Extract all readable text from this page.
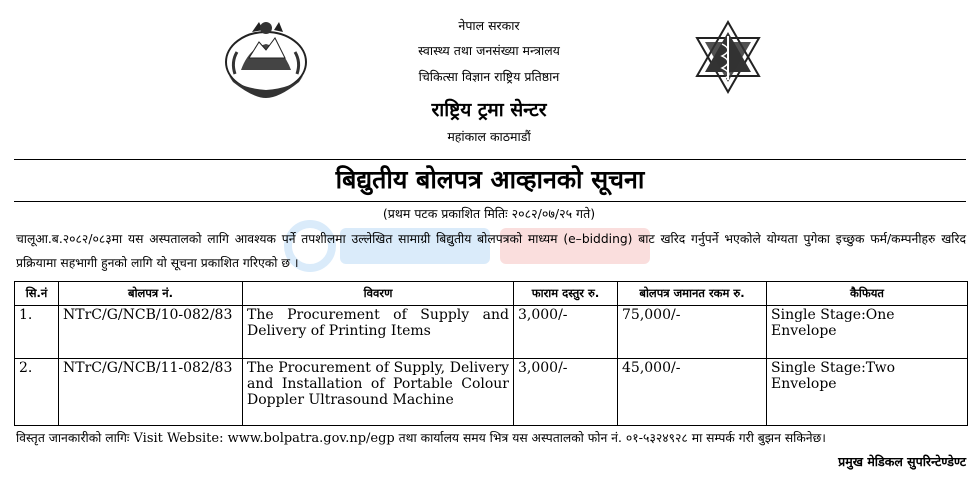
नेपाल सरकार
स्वास्थ्य तथा जनसंख्या मन्त्रालय
चिकित्सा विज्ञान राष्ट्रिय प्रतिष्ठान
राष्ट्रिय ट्रमा सेन्टर
महांकाल काठमाडौं
बिद्युतीय बोलपत्र आव्हानको सूचना
(प्रथम पटक प्रकाशित मितिः २०८२/०७/२५ गते)
चालूआ.ब.२०८२/०८३मा यस अस्पतालको लागि आवश्यक पर्ने तपशीलमा उल्लेखित सामाग्री बिद्युतीय बोलपत्रको माध्यम (e–bidding) बाट खरिद गर्नुपर्ने भएकोले योग्यता पुगेका इच्छुक फर्म/कम्पनीहरु खरिद प्रक्रियामा सहभागी हुनको लागि यो सूचना प्रकाशित गरिएको छ ।
सि.नं	बोलपत्र नं.	विवरण	फाराम दस्तुर रु.	बोलपत्र जमानत रकम रु.	कैफियत
1.	NTrC/G/NCB/10-082/83	The Procurement of Supply and Delivery of Printing Items	3,000/-	75,000/-	Single Stage:One Envelope
2.	NTrC/G/NCB/11-082/83	The Procurement of Supply, Delivery and Installation of Portable Colour Doppler Ultrasound Machine	3,000/-	45,000/-	Single Stage:Two Envelope
विस्तृत जानकारीको लागिः Visit Website: www.bolpatra.gov.np/egp तथा कार्यालय समय भित्र यस अस्पतालको फोन नं. ०१-५३२४९२८ मा सम्पर्क गरी बुझन सकिनेछ।
प्रमुख मेडिकल सुपरिन्टेण्डेण्ट
